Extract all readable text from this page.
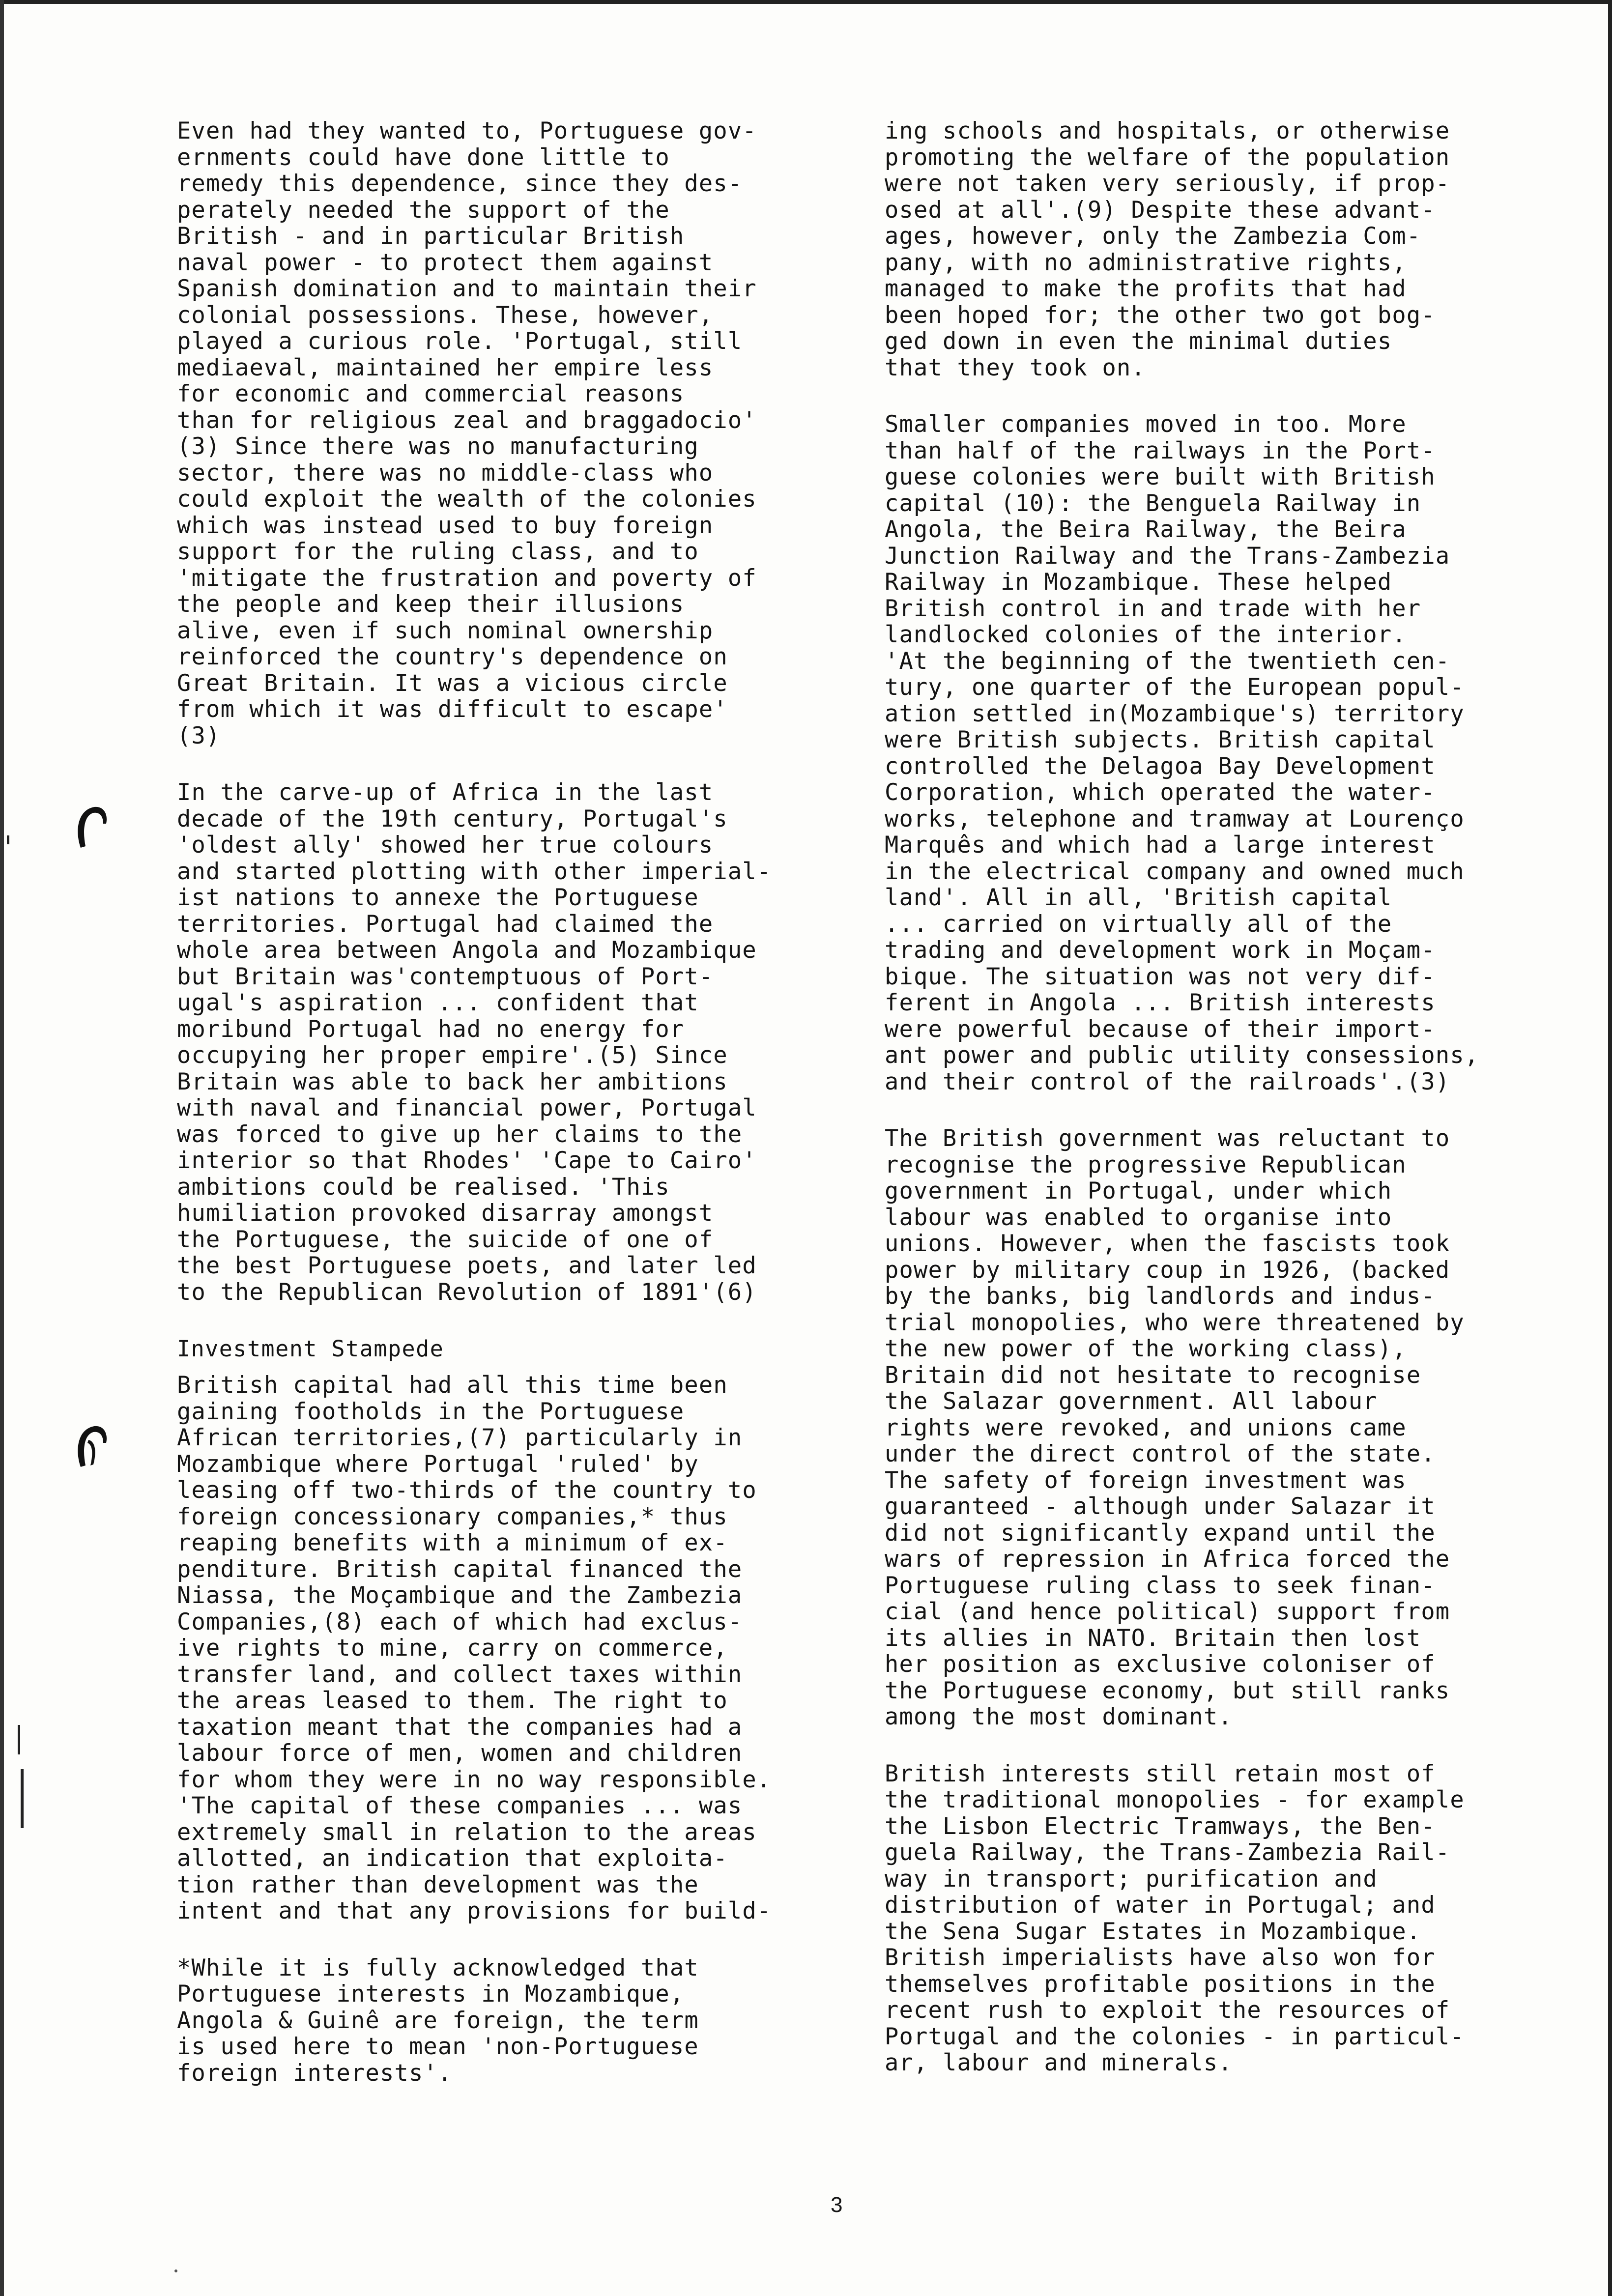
Even had they wanted to, Portuguese gov-
ernments could have done little to
remedy this dependence, since they des-
perately needed the support of the
British - and in particular British
naval power - to protect them against
Spanish domination and to maintain their
colonial possessions. These, however,
played a curious role. 'Portugal, still
mediaeval, maintained her empire less
for economic and commercial reasons
than for religious zeal and braggadocio'
(3) Since there was no manufacturing
sector, there was no middle-class who
could exploit the wealth of the colonies
which was instead used to buy foreign
support for the ruling class, and to
'mitigate the frustration and poverty of
the people and keep their illusions
alive, even if such nominal ownership
reinforced the country's dependence on
Great Britain. It was a vicious circle
from which it was difficult to escape'
(3)

In the carve-up of Africa in the last
decade of the 19th century, Portugal's
'oldest ally' showed her true colours
and started plotting with other imperial-
ist nations to annexe the Portuguese
territories. Portugal had claimed the
whole area between Angola and Mozambique
but Britain was'contemptuous of Port-
ugal's aspiration ... confident that
moribund Portugal had no energy for
occupying her proper empire'.(5) Since
Britain was able to back her ambitions
with naval and financial power, Portugal
was forced to give up her claims to the
interior so that Rhodes' 'Cape to Cairo'
ambitions could be realised. 'This
humiliation provoked disarray amongst
the Portuguese, the suicide of one of
the best Portuguese poets, and later led
to the Republican Revolution of 1891'(6)

Investment Stampede

British capital had all this time been
gaining footholds in the Portuguese
African territories,(7) particularly in
Mozambique where Portugal 'ruled' by
leasing off two-thirds of the country to
foreign concessionary companies,* thus
reaping benefits with a minimum of ex-
penditure. British capital financed the
Niassa, the Moçambique and the Zambezia
Companies,(8) each of which had exclus-
ive rights to mine, carry on commerce,
transfer land, and collect taxes within
the areas leased to them. The right to
taxation meant that the companies had a
labour force of men, women and children
for whom they were in no way responsible.
'The capital of these companies ... was
extremely small in relation to the areas
allotted, an indication that exploita-
tion rather than development was the
intent and that any provisions for build-

*While it is fully acknowledged that
Portuguese interests in Mozambique,
Angola & Guinê are foreign, the term
is used here to mean 'non-Portuguese
foreign interests'.

ing schools and hospitals, or otherwise
promoting the welfare of the population
were not taken very seriously, if prop-
osed at all'.(9) Despite these advant-
ages, however, only the Zambezia Com-
pany, with no administrative rights,
managed to make the profits that had
been hoped for; the other two got bog-
ged down in even the minimal duties
that they took on.

Smaller companies moved in too. More
than half of the railways in the Port-
guese colonies were built with British
capital (10): the Benguela Railway in
Angola, the Beira Railway, the Beira
Junction Railway and the Trans-Zambezia
Railway in Mozambique. These helped
British control in and trade with her
landlocked colonies of the interior.
'At the beginning of the twentieth cen-
tury, one quarter of the European popul-
ation settled in(Mozambique's) territory
were British subjects. British capital
controlled the Delagoa Bay Development
Corporation, which operated the water-
works, telephone and tramway at Lourenço
Marquês and which had a large interest
in the electrical company and owned much
land'. All in all, 'British capital
... carried on virtually all of the
trading and development work in Moçam-
bique. The situation was not very dif-
ferent in Angola ... British interests
were powerful because of their import-
ant power and public utility consessions,
and their control of the railroads'.(3)

The British government was reluctant to
recognise the progressive Republican
government in Portugal, under which
labour was enabled to organise into
unions. However, when the fascists took
power by military coup in 1926, (backed
by the banks, big landlords and indus-
trial monopolies, who were threatened by
the new power of the working class),
Britain did not hesitate to recognise
the Salazar government. All labour
rights were revoked, and unions came
under the direct control of the state.
The safety of foreign investment was
guaranteed - although under Salazar it
did not significantly expand until the
wars of repression in Africa forced the
Portuguese ruling class to seek finan-
cial (and hence political) support from
its allies in NATO. Britain then lost
her position as exclusive coloniser of
the Portuguese economy, but still ranks
among the most dominant.

British interests still retain most of
the traditional monopolies - for example
the Lisbon Electric Tramways, the Ben-
guela Railway, the Trans-Zambezia Rail-
way in transport; purification and
distribution of water in Portugal; and
the Sena Sugar Estates in Mozambique.
British imperialists have also won for
themselves profitable positions in the
recent rush to exploit the resources of
Portugal and the colonies - in particul-
ar, labour and minerals.

3
